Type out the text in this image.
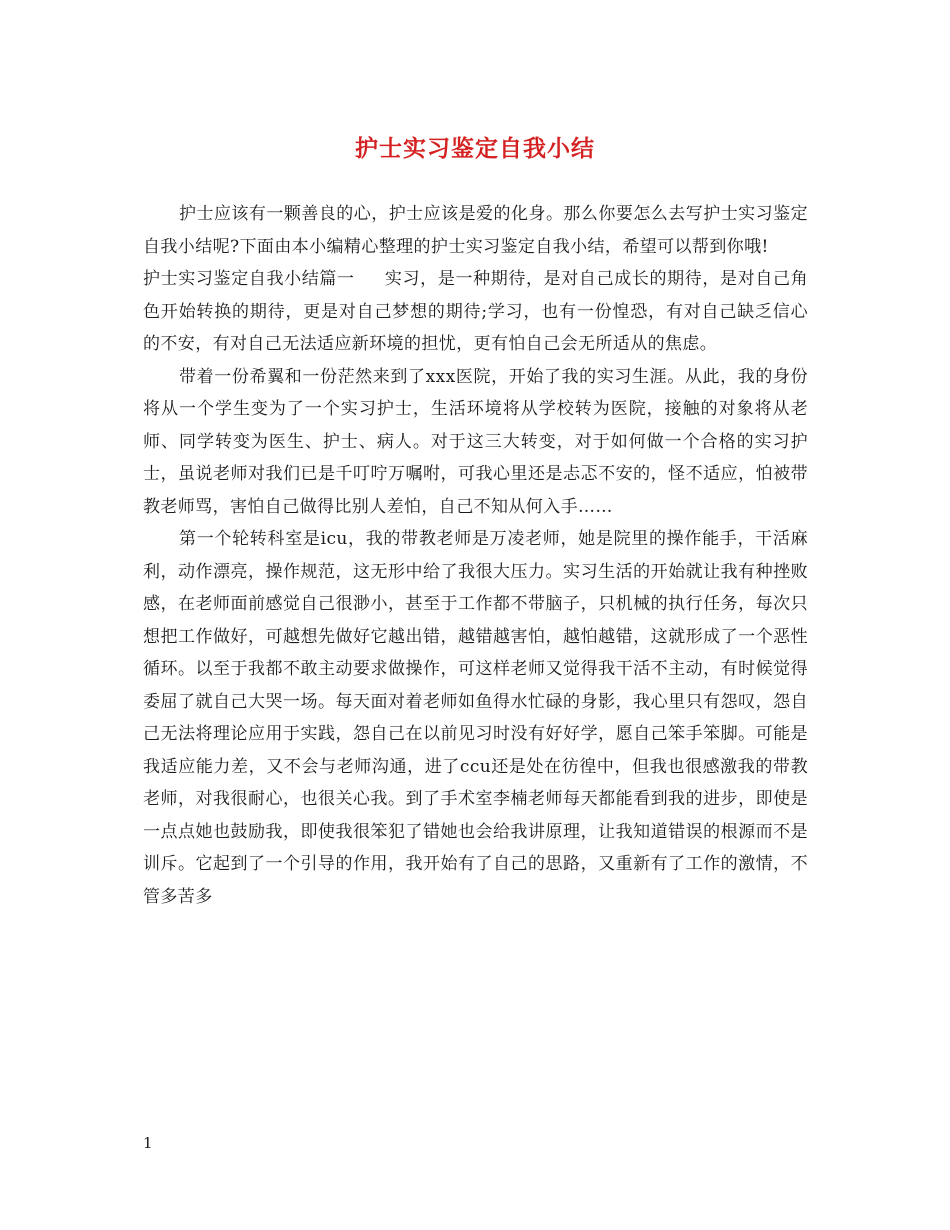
护士实习鉴定自我小结

护士应该有一颗善良的心，护士应该是爱的化身。那么你要怎么去写护士实习鉴定自我小结呢?下面由本小编精心整理的护士实习鉴定自我小结，希望可以帮到你哦!

护士实习鉴定自我小结篇一 实习，是一种期待，是对自己成长的期待，是对自己角色开始转换的期待，更是对自己梦想的期待;学习，也有一份惶恐，有对自己缺乏信心的不安，有对自己无法适应新环境的担忧，更有怕自己会无所适从的焦虑。

带着一份希翼和一份茫然来到了xxx医院，开始了我的实习生涯。从此，我的身份将从一个学生变为了一个实习护士，生活环境将从学校转为医院，接触的对象将从老师、同学转变为医生、护士、病人。对于这三大转变，对于如何做一个合格的实习护士，虽说老师对我们已是千叮咛万嘱咐，可我心里还是忐忑不安的，怪不适应，怕被带教老师骂，害怕自己做得比别人差怕，自己不知从何入手……

第一个轮转科室是icu，我的带教老师是万凌老师，她是院里的操作能手，干活麻利，动作漂亮，操作规范，这无形中给了我很大压力。实习生活的开始就让我有种挫败感，在老师面前感觉自己很渺小，甚至于工作都不带脑子，只机械的执行任务，每次只想把工作做好，可越想先做好它越出错，越错越害怕，越怕越错，这就形成了一个恶性循环。以至于我都不敢主动要求做操作，可这样老师又觉得我干活不主动，有时候觉得委屈了就自己大哭一场。每天面对着老师如鱼得水忙碌的身影，我心里只有怨叹，怨自己无法将理论应用于实践，怨自己在以前见习时没有好好学，愿自己笨手笨脚。可能是我适应能力差，又不会与老师沟通，进了ccu还是处在彷徨中，但我也很感激我的带教老师，对我很耐心，也很关心我。到了手术室李楠老师每天都能看到我的进步，即使是一点点她也鼓励我，即使我很笨犯了错她也会给我讲原理，让我知道错误的根源而不是训斥。它起到了一个引导的作用，我开始有了自己的思路，又重新有了工作的激情，不管多苦多

1
